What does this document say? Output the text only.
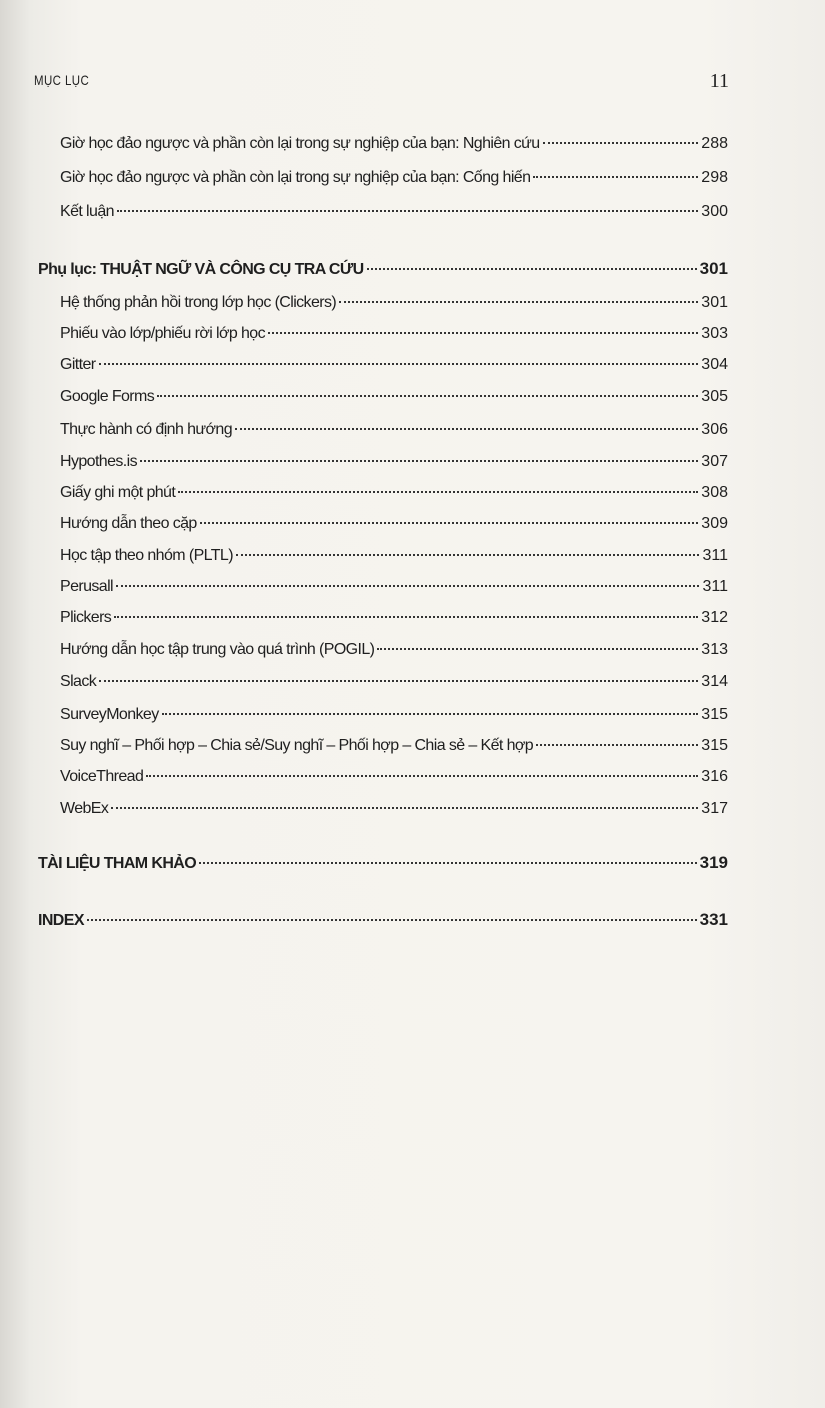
MỤC LỤC	11
Giờ học đảo ngược và phần còn lại trong sự nghiệp của bạn: Nghiên cứu	288
Giờ học đảo ngược và phần còn lại trong sự nghiệp của bạn: Cống hiến	298
Kết luận	300
Phụ lục: THUẬT NGỮ VÀ CÔNG CỤ TRA CỨU	301
Hệ thống phản hồi trong lớp học (Clickers)	301
Phiếu vào lớp/phiếu rời lớp học	303
Gitter	304
Google Forms	305
Thực hành có định hướng	306
Hypothes.is	307
Giấy ghi một phút	308
Hướng dẫn theo cặp	309
Học tập theo nhóm (PLTL)	311
Perusall	311
Plickers	312
Hướng dẫn học tập trung vào quá trình (POGIL)	313
Slack	314
SurveyMonkey	315
Suy nghĩ – Phối hợp – Chia sẻ/Suy nghĩ – Phối hợp – Chia sẻ – Kết hợp	315
VoiceThread	316
WebEx	317
TÀI LIỆU THAM KHẢO	319
INDEX	331
